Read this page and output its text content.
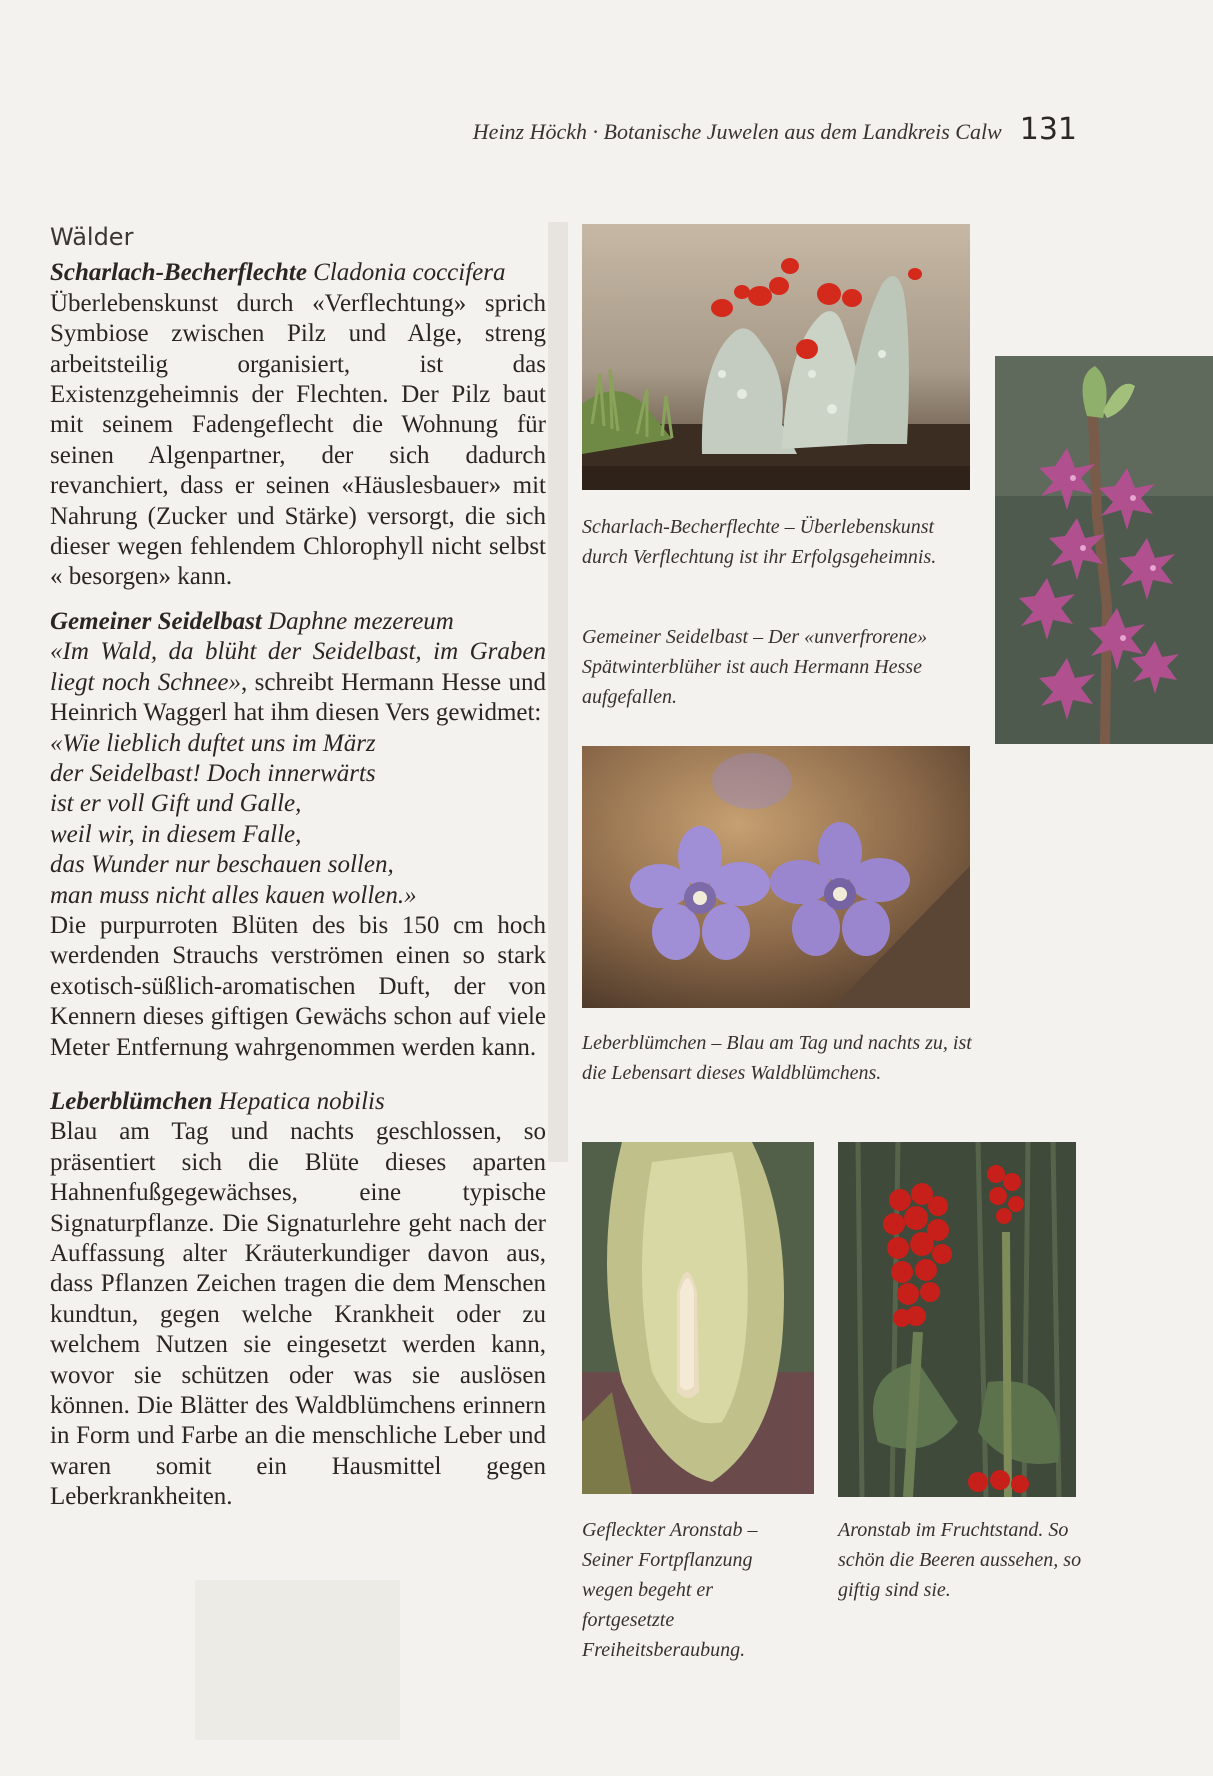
Heinz Höckh · Botanische Juwelen aus dem Landkreis Calw 131
Wälder

Scharlach-Becherflechte Cladonia coccifera

Überlebenskunst durch «Verflechtung» sprich Symbiose zwischen Pilz und Alge, streng arbeitsteilig organisiert, ist das Existenzgeheimnis der Flechten. Der Pilz baut mit seinem Fadengeflecht die Wohnung für seinen Algenpartner, der sich dadurch revanchiert, dass er seinen «Häuslesbauer» mit Nahrung (Zucker und Stärke) versorgt, die sich dieser wegen fehlendem Chlorophyll nicht selbst « besorgen» kann.

Gemeiner Seidelbast Daphne mezereum

«Im Wald, da blüht der Seidelbast, im Graben liegt noch Schnee», schreibt Hermann Hesse und Heinrich Waggerl hat ihm diesen Vers gewidmet:

«Wie lieblich duftet uns im März
der Seidelbast! Doch innerwärts
ist er voll Gift und Galle,
weil wir, in diesem Falle,
das Wunder nur beschauen sollen,
man muss nicht alles kauen wollen.»

Die purpurroten Blüten des bis 150 cm hoch werdenden Strauchs verströmen einen so stark exotisch-süßlich-aromatischen Duft, der von Kennern dieses giftigen Gewächs schon auf viele Meter Entfernung wahrgenommen werden kann.

Leberblümchen Hepatica nobilis

Blau am Tag und nachts geschlossen, so präsentiert sich die Blüte dieses aparten Hahnenfußgegewächses, eine typische Signaturpflanze. Die Signaturlehre geht nach der Auffassung alter Kräuterkundiger davon aus, dass Pflanzen Zeichen tragen die dem Menschen kundtun, gegen welche Krankheit oder zu welchem Nutzen sie eingesetzt werden kann, wovor sie schützen oder was sie auslösen können. Die Blätter des Waldblümchens erinnern in Form und Farbe an die menschliche Leber und waren somit ein Hausmittel gegen Leberkrankheiten.

Scharlach-Becherflechte – Überlebenskunst durch Verflechtung ist ihr Erfolgsgeheimnis.
Gemeiner Seidelbast – Der «unverfrorene» Spätwinterblüher ist auch Hermann Hesse aufgefallen.
Leberblümchen – Blau am Tag und nachts zu, ist die Lebensart dieses Waldblümchens.
Gefleckter Aronstab – Seiner Fortpflanzung wegen begeht er fortgesetzte Freiheitsberaubung.
Aronstab im Fruchtstand. So schön die Beeren aussehen, so giftig sind sie.
